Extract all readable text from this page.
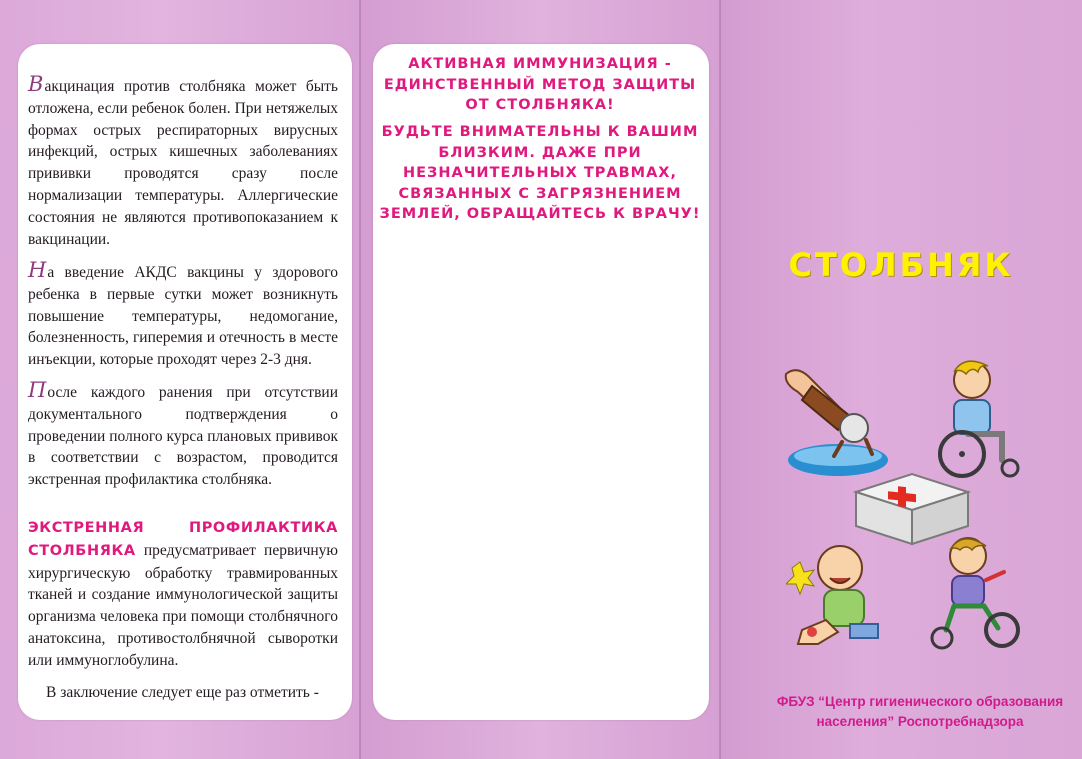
Вакцинация против столбняка может быть отложена, если ребенок болен. При нетяжелых формах острых респираторных вирусных инфекций, острых кишечных заболеваниях прививки проводятся сразу после нормализации температуры. Аллергические состояния не являются противопоказанием к вакцинации.

На введение АКДС вакцины у здорового ребенка в первые сутки может возникнуть повышение температуры, недомогание, болезненность, гиперемия и отечность в месте инъекции, которые проходят через 2-3 дня.

После каждого ранения при отсутствии документального подтверждения о проведении полного курса плановых прививок в соответствии с возрастом, проводится экстренная профилактика столбняка.

ЭКСТРЕННАЯ	ПРОФИЛАКТИКА
СТОЛБНЯКА предусматривает первичную хирургическую обработку травмированных тканей и создание иммунологической защиты организма человека при помощи столбнячного анатоксина, противостолбнячной сыворотки или иммуноглобулина.

В заключение следует еще раз отметить -

АКТИВНАЯ ИММУНИЗАЦИЯ -
ЕДИНСТВЕННЫЙ МЕТОД ЗАЩИТЫ
ОТ СТОЛБНЯКА!

БУДЬТЕ ВНИМАТЕЛЬНЫ К ВАШИМ
БЛИЗКИМ. ДАЖЕ ПРИ
НЕЗНАЧИТЕЛЬНЫХ ТРАВМАХ,
СВЯЗАННЫХ С ЗАГРЯЗНЕНИЕМ
ЗЕМЛЕЙ, ОБРАЩАЙТЕСЬ К ВРАЧУ!

СТОЛБНЯК

ФБУЗ “Центр гигиенического образования
населения” Роспотребнадзора
